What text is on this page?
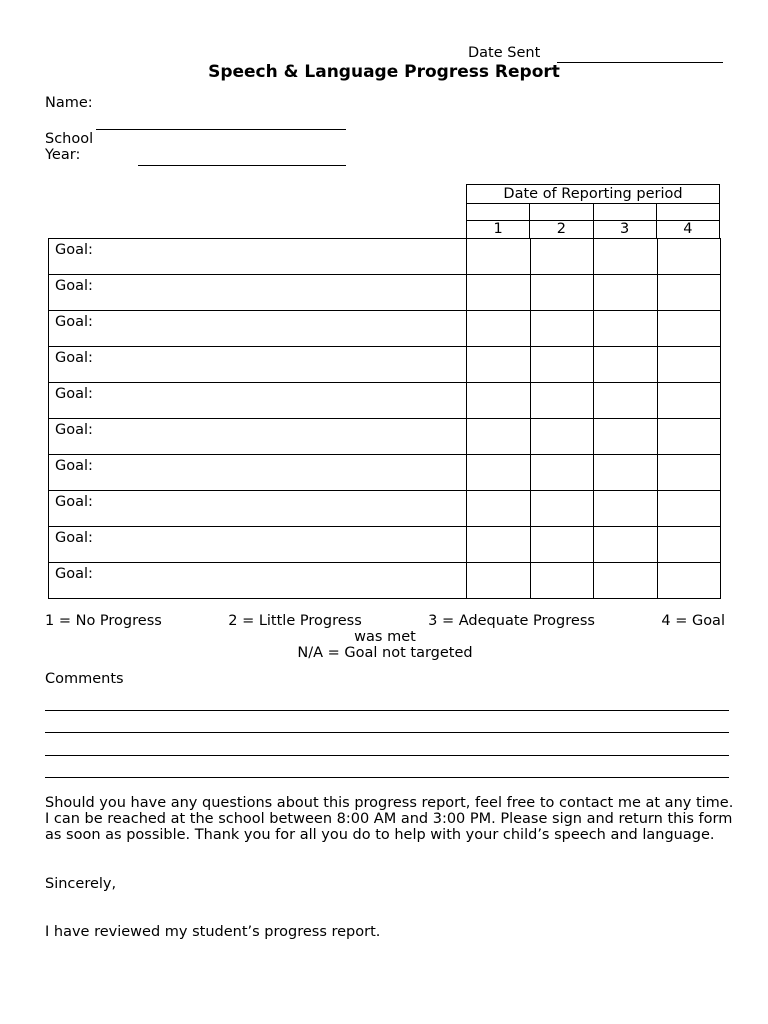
Date Sent
Speech & Language Progress Report
Name:
School Year:
Date of Reporting period			

1	2	3	4
Goal:				
Goal:				
Goal:				
Goal:				
Goal:				
Goal:				
Goal:				
Goal:				
Goal:				
Goal:				
1 = No Progress	2 = Little Progress	3 = Adequate Progress	4 = Goal
was met
N/A = Goal not targeted
Comments
Should you have any questions about this progress report, feel free to contact me at any time. I can be reached at the school between 8:00 AM and 3:00 PM. Please sign and return this form as soon as possible. Thank you for all you do to help with your child’s speech and language.
Sincerely,
I have reviewed my student’s progress report.
